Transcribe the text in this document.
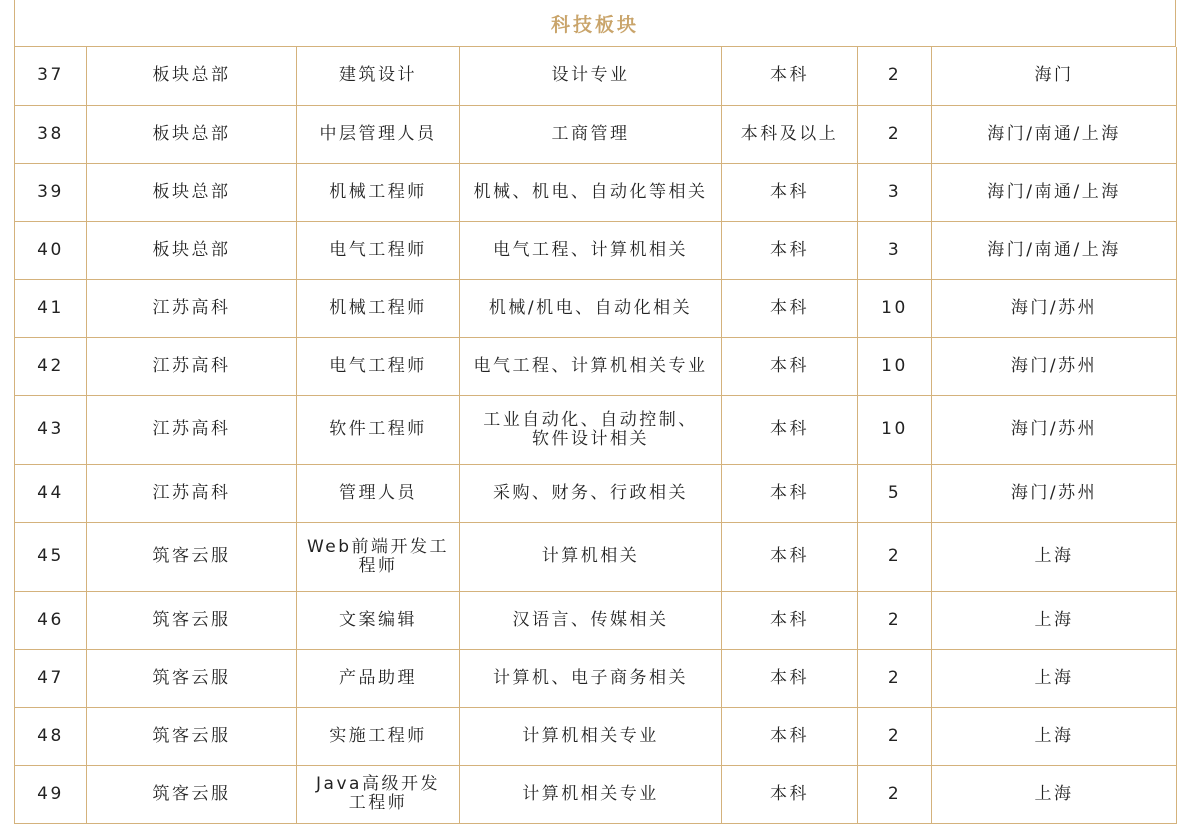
科技板块
37	板块总部	建筑设计	设计专业	本科	2	海门
38	板块总部	中层管理人员	工商管理	本科及以上	2	海门/南通/上海
39	板块总部	机械工程师	机械、机电、自动化等相关	本科	3	海门/南通/上海
40	板块总部	电气工程师	电气工程、计算机相关	本科	3	海门/南通/上海
41	江苏高科	机械工程师	机械/机电、自动化相关	本科	10	海门/苏州
42	江苏高科	电气工程师	电气工程、计算机相关专业	本科	10	海门/苏州
43	江苏高科	软件工程师	工业自动化、自动控制、
软件设计相关	本科	10	海门/苏州
44	江苏高科	管理人员	采购、财务、行政相关	本科	5	海门/苏州
45	筑客云服	Web前端开发工
程师	计算机相关	本科	2	上海
46	筑客云服	文案编辑	汉语言、传媒相关	本科	2	上海
47	筑客云服	产品助理	计算机、电子商务相关	本科	2	上海
48	筑客云服	实施工程师	计算机相关专业	本科	2	上海
49	筑客云服	Java高级开发
工程师	计算机相关专业	本科	2	上海
